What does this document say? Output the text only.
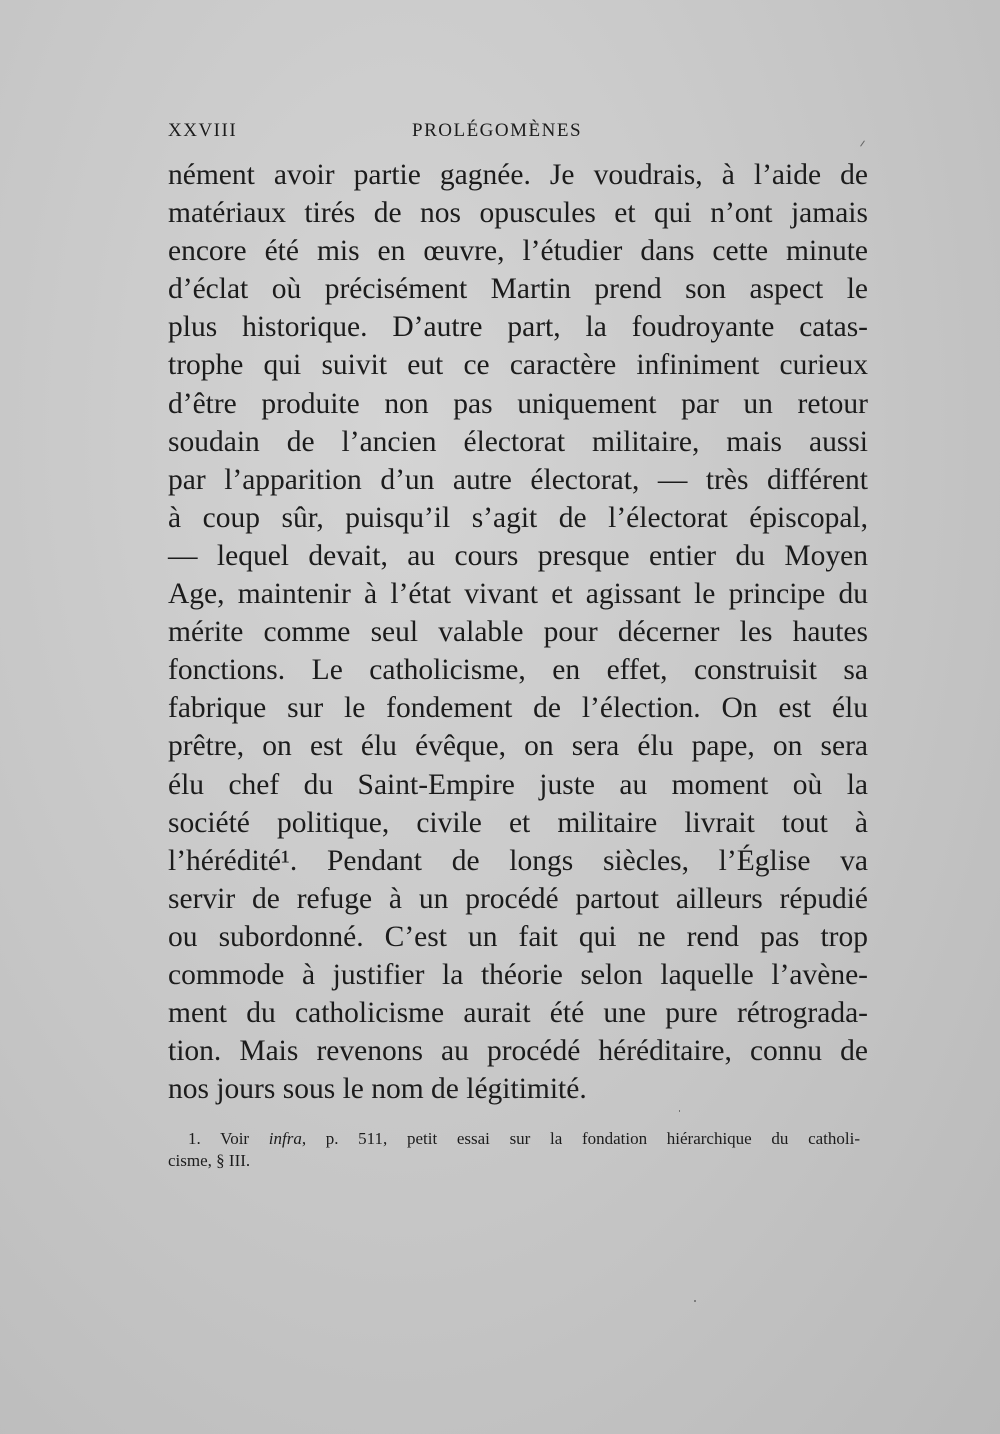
XXVIII	PROLÉGOMÈNES
nément avoir partie gagnée. Je voudrais, à l’aide de
matériaux tirés de nos opuscules et qui n’ont jamais
encore été mis en œuvre, l’étudier dans cette minute
d’éclat où précisément Martin prend son aspect le
plus historique. D’autre part, la foudroyante catas-
trophe qui suivit eut ce caractère infiniment curieux
d’être produite non pas uniquement par un retour
soudain de l’ancien électorat militaire, mais aussi
par l’apparition d’un autre électorat, — très différent
à coup sûr, puisqu’il s’agit de l’électorat épiscopal,
— lequel devait, au cours presque entier du Moyen
Age, maintenir à l’état vivant et agissant le principe du
mérite comme seul valable pour décerner les hautes
fonctions. Le catholicisme, en effet, construisit sa
fabrique sur le fondement de l’élection. On est élu
prêtre, on est élu évêque, on sera élu pape, on sera
élu chef du Saint-Empire juste au moment où la
société politique, civile et militaire livrait tout à
l’hérédité¹. Pendant de longs siècles, l’Église va
servir de refuge à un procédé partout ailleurs répudié
ou subordonné. C’est un fait qui ne rend pas trop
commode à justifier la théorie selon laquelle l’avène-
ment du catholicisme aurait été une pure rétrograda-
tion. Mais revenons au procédé héréditaire, connu de
nos jours sous le nom de légitimité.
1. Voir infra, p. 511, petit essai sur la fondation hiérarchique du catholi-
cisme, § III.
